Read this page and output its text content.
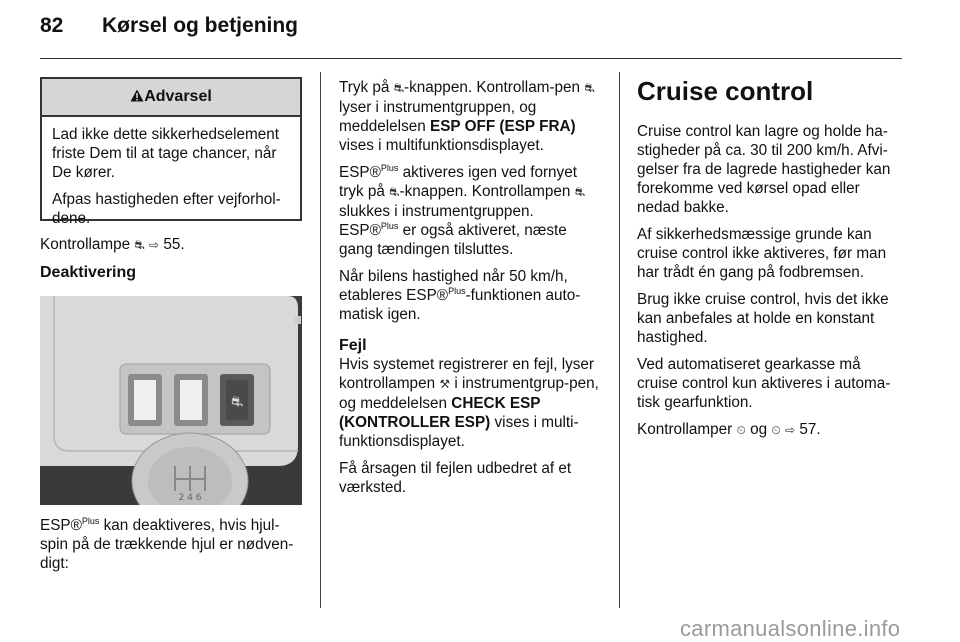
82 Kørsel og betjening
Advarsel

Lad ikke dette sikkerhedselement friste Dem til at tage chancer, når De kører.

Afpas hastigheden efter vejforhol-dene.

Kontrollampe ⛐ ⇨ 55.
Deaktivering
⛐
2 4 6
ESP®$^{Plus}$ kan deaktiveres, hvis hjul-spin på de trækkende hjul er nødven-digt:

Tryk på ⛐-knappen. Kontrollam-pen ⛐ lyser i instrumentgruppen, og meddelelsen ESP OFF (ESP FRA) vises i multifunktionsdisplayet.

ESP®$^{Plus}$ aktiveres igen ved fornyet tryk på ⛐-knappen. Kontrollampen ⛐ slukkes i instrumentgruppen.
ESP®$^{Plus}$ er også aktiveret, næste gang tændingen tilsluttes.

Når bilens hastighed når 50 km/h, etableres ESP®$^{Plus}$-funktionen auto-matisk igen.

Fejl

Hvis systemet registrerer en fejl, lyser kontrollampen ⚒ i instrumentgrup-pen, og meddelelsen CHECK ESP (KONTROLLER ESP) vises i multi-funktionsdisplayet.

Få årsagen til fejlen udbedret af et værksted.

Cruise control

Cruise control kan lagre og holde ha-stigheder på ca. 30 til 200 km/h. Afvi-gelser fra de lagrede hastigheder kan forekomme ved kørsel opad eller nedad bakke.

Af sikkerhedsmæssige grunde kan cruise control ikke aktiveres, før man har trådt én gang på fodbremsen.

Brug ikke cruise control, hvis det ikke kan anbefales at holde en konstant hastighed.

Ved automatiseret gearkasse må cruise control kun aktiveres i automa-tisk gearfunktion.

Kontrollamper ⏲ og ⏲ ⇨ 57.

carmanualsonline.info
